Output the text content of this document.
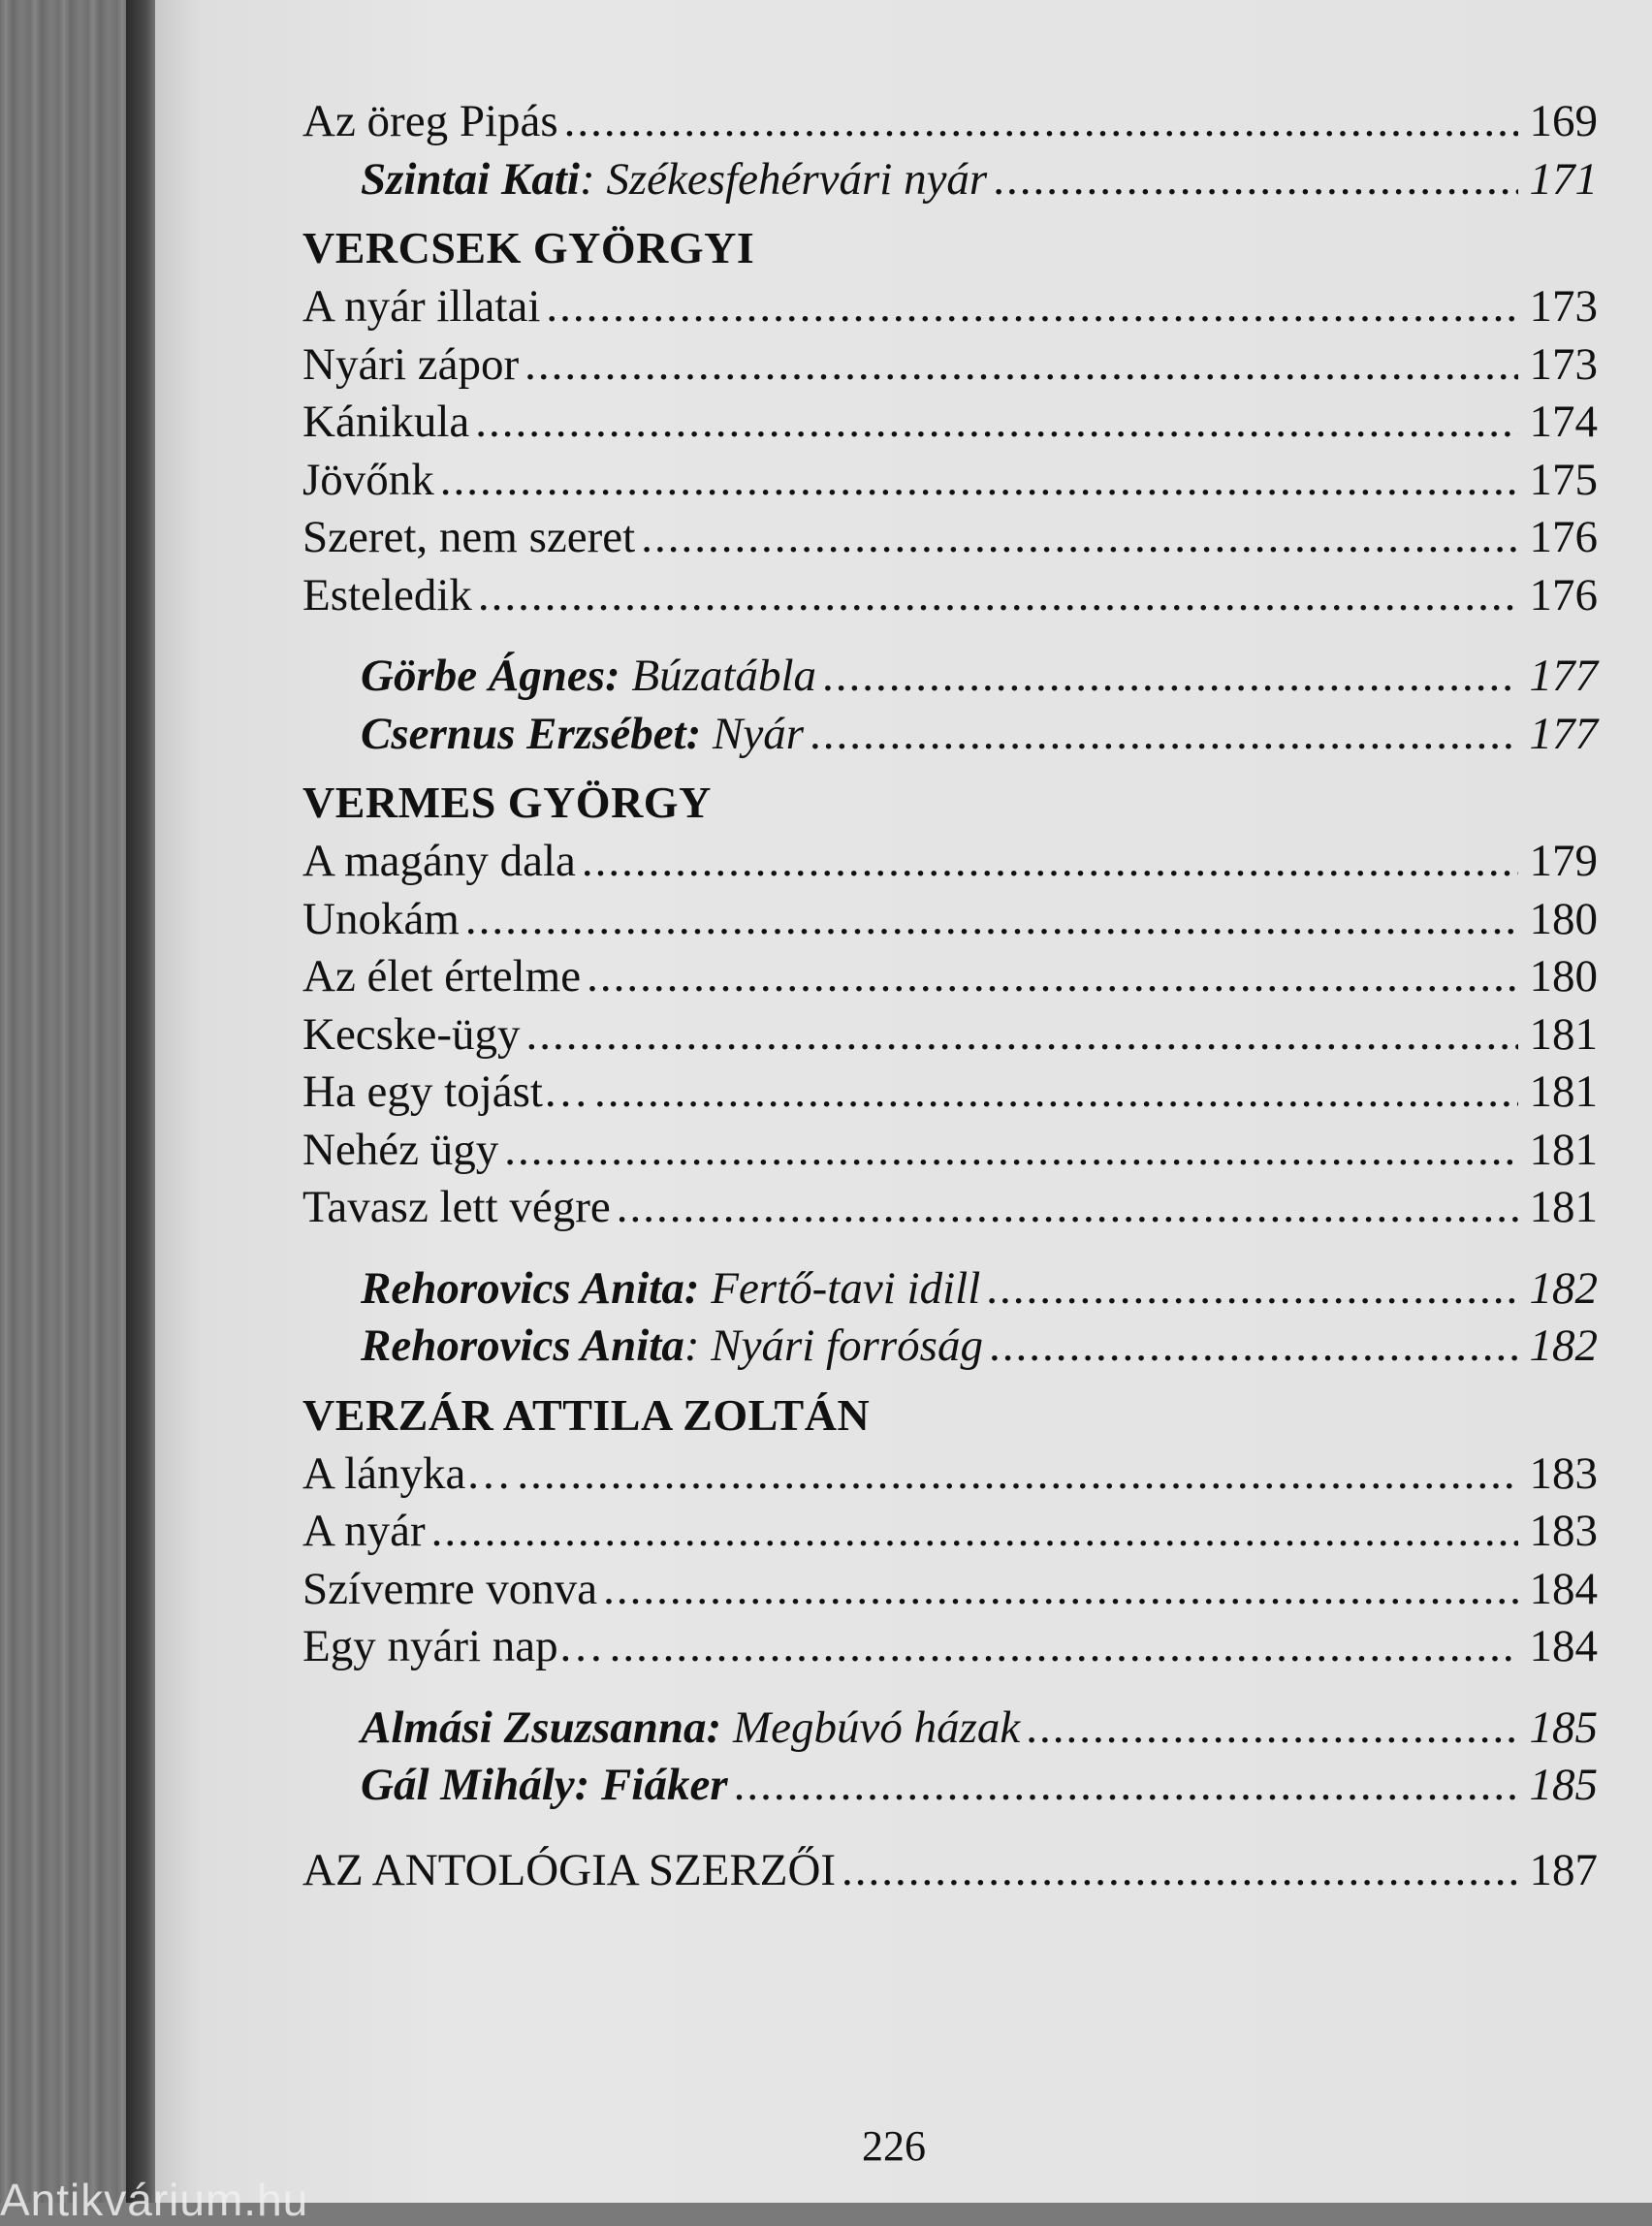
Az öreg Pipás .....	169
Szintai Kati: Székesfehérvári nyár .....	171
VERCSEK GYÖRGYI
A nyár illatai .....	173
Nyári zápor .....	173
Kánikula .....	174
Jövőnk .....	175
Szeret, nem szeret .....	176
Esteledik .....	176
Görbe Ágnes: Búzatábla .....	177
Csernus Erzsébet: Nyár .....	177
VERMES GYÖRGY
A magány dala .....	179
Unokám .....	180
Az élet értelme .....	180
Kecske-ügy .....	181
Ha egy tojást… .....	181
Nehéz ügy .....	181
Tavasz lett végre .....	181
Rehorovics Anita: Fertő-tavi idill .....	182
Rehorovics Anita: Nyári forróság .....	182
VERZÁR ATTILA ZOLTÁN
A lányka… .....	183
A nyár .....	183
Szívemre vonva .....	184
Egy nyári nap… .....	184
Almási Zsuzsanna: Megbúvó házak .....	185
Gál Mihály: Fiáker .....	185
AZ ANTOLÓGIA SZERZŐI .....	187
226
Antikvárium.hu
